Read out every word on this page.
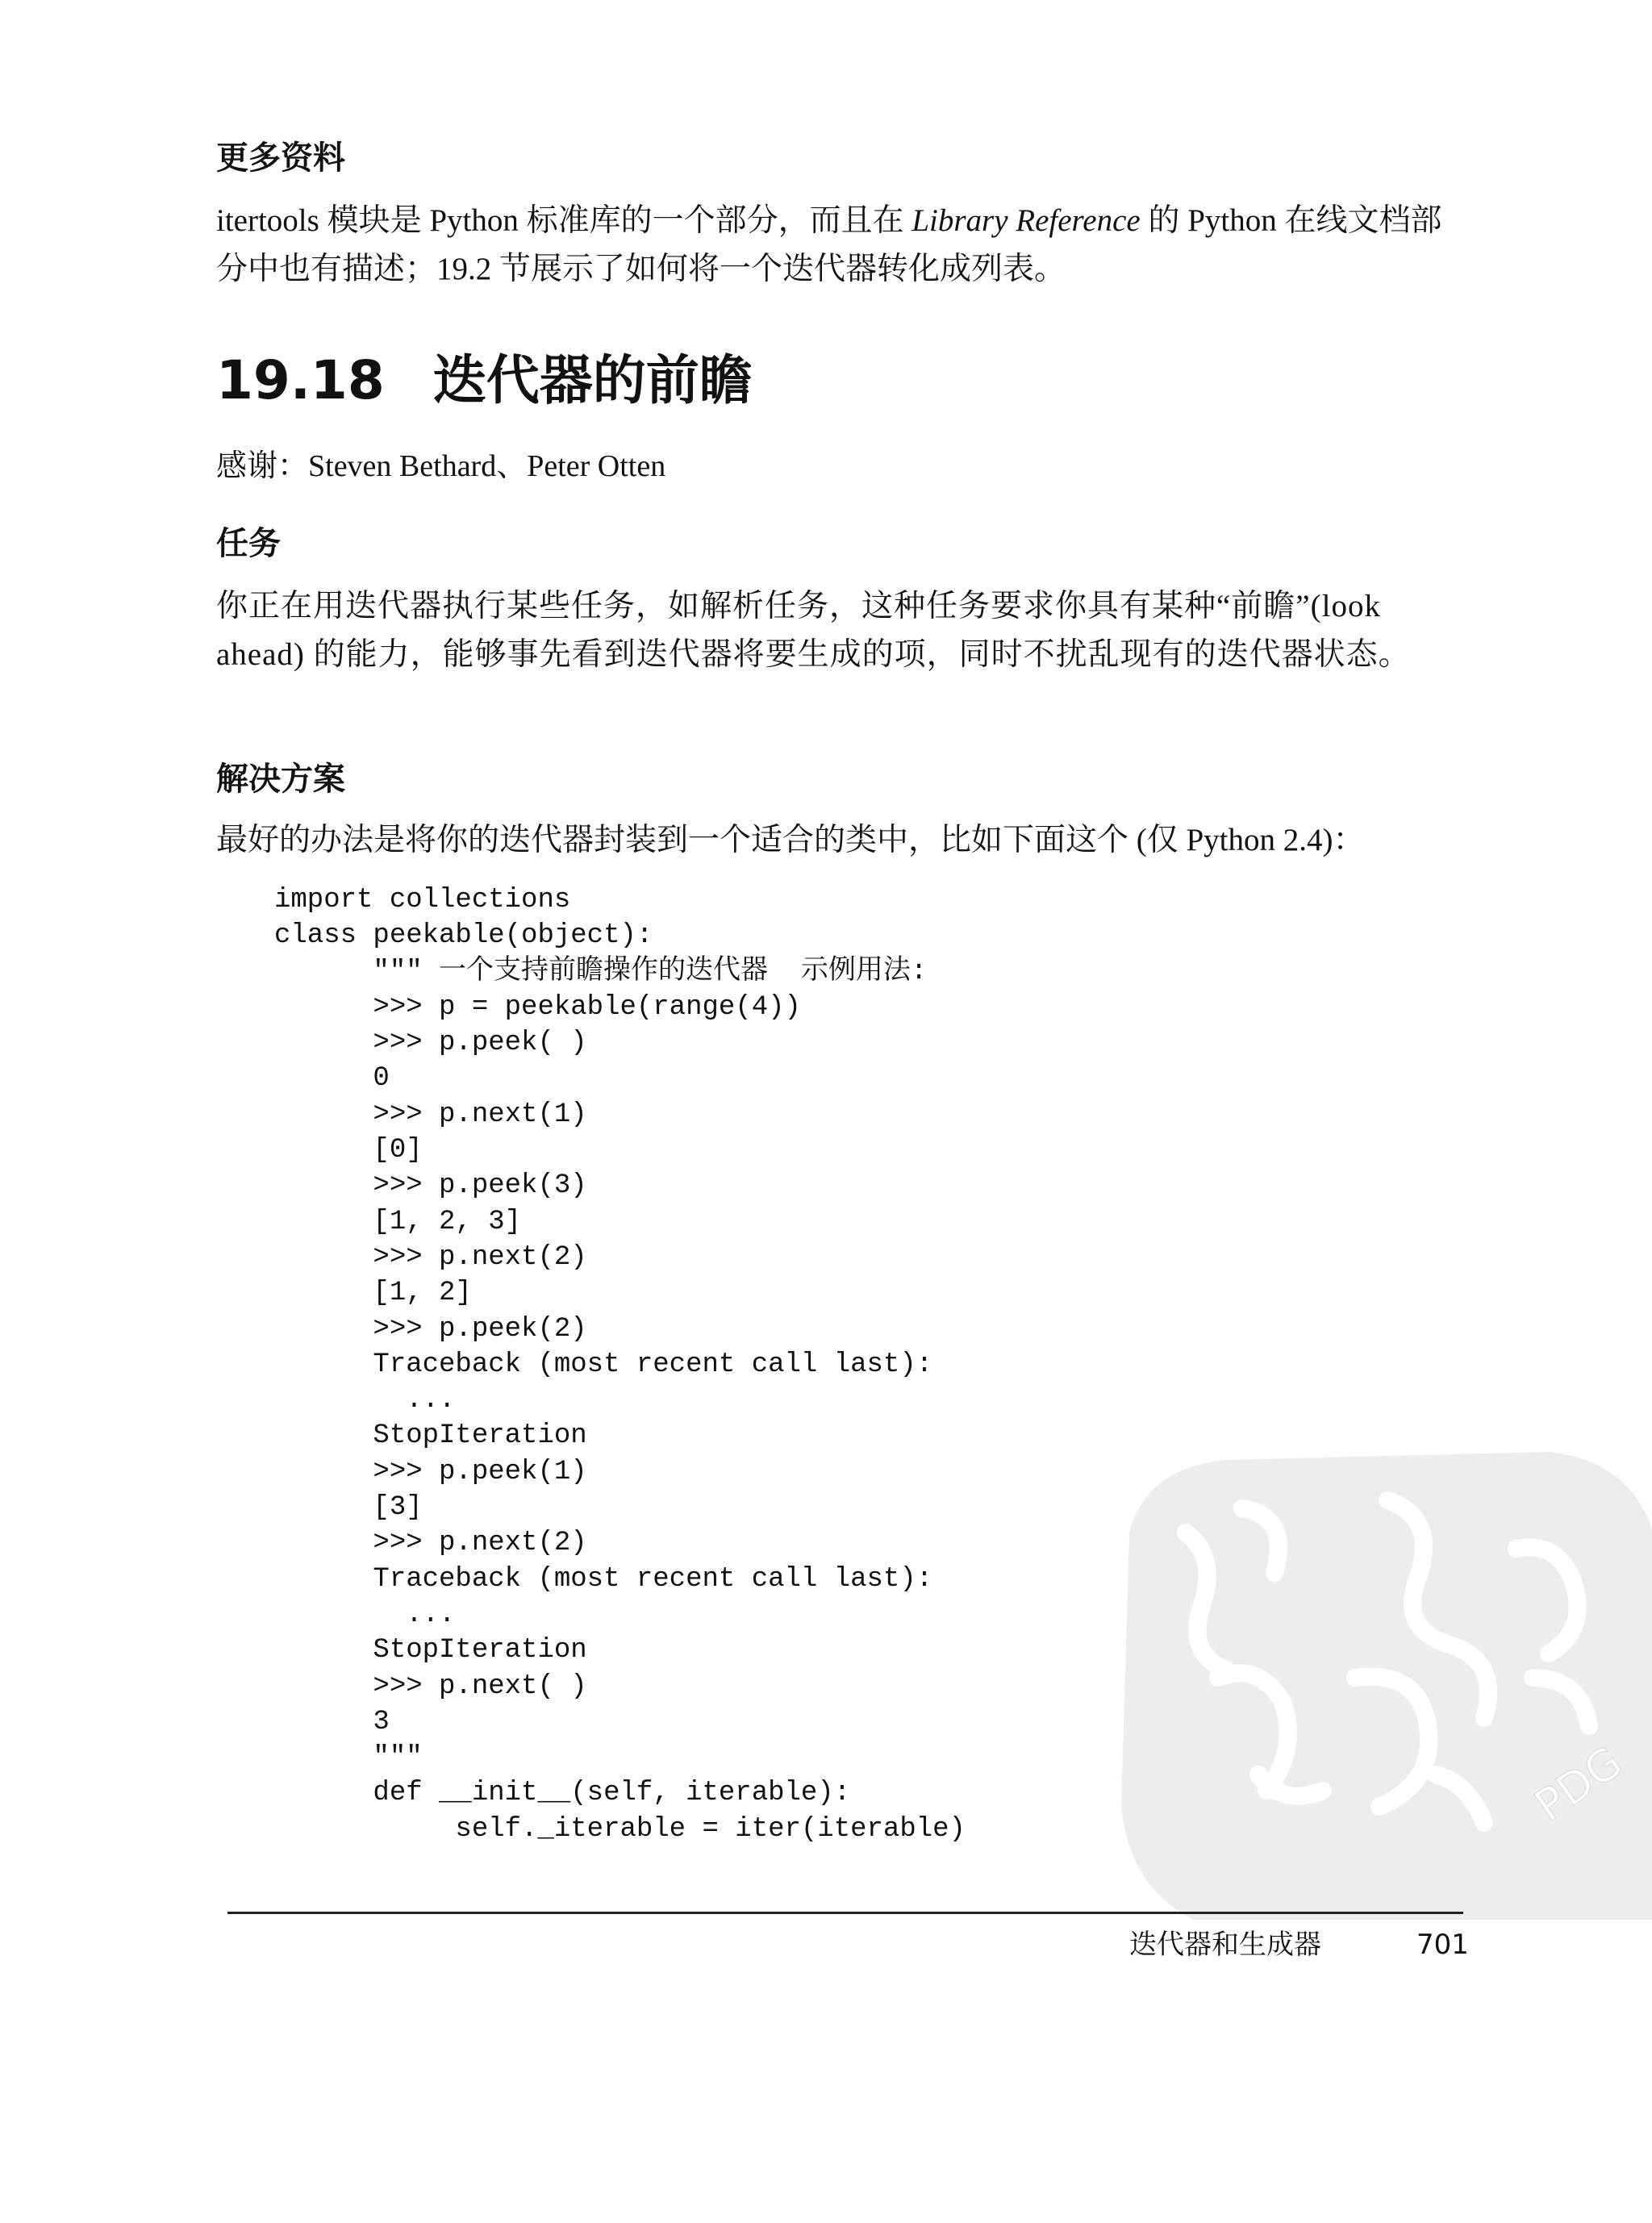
更多资料

itertools 模块是 Python 标准库的一个部分，而且在 Library Reference 的 Python 在线文档部分中也有描述；19.2 节展示了如何将一个迭代器转化成列表。

19.18 迭代器的前瞻
感谢：Steven Bethard、Peter Otten
任务

你正在用迭代器执行某些任务，如解析任务，这种任务要求你具有某种“前瞻”(look ahead) 的能力，能够事先看到迭代器将要生成的项，同时不扰乱现有的迭代器状态。

解决方案

最好的办法是将你的迭代器封装到一个适合的类中，比如下面这个 (仅 Python 2.4)：

import collections
class peekable(object):
""" 一个支持前瞻操作的迭代器  示例用法:
>>> p = peekable(range(4))
>>> p.peek( )
0
>>> p.next(1)
[0]
>>> p.peek(3)
[1, 2, 3]
>>> p.next(2)
[1, 2]
>>> p.peek(2)
Traceback (most recent call last):
...
StopIteration
>>> p.peek(1)
[3]
>>> p.next(2)
Traceback (most recent call last):
...
StopIteration
>>> p.next( )
3
"""
def __init__(self, iterable):
self._iterable = iter(iterable)	PDG
迭代器和生成器	701
